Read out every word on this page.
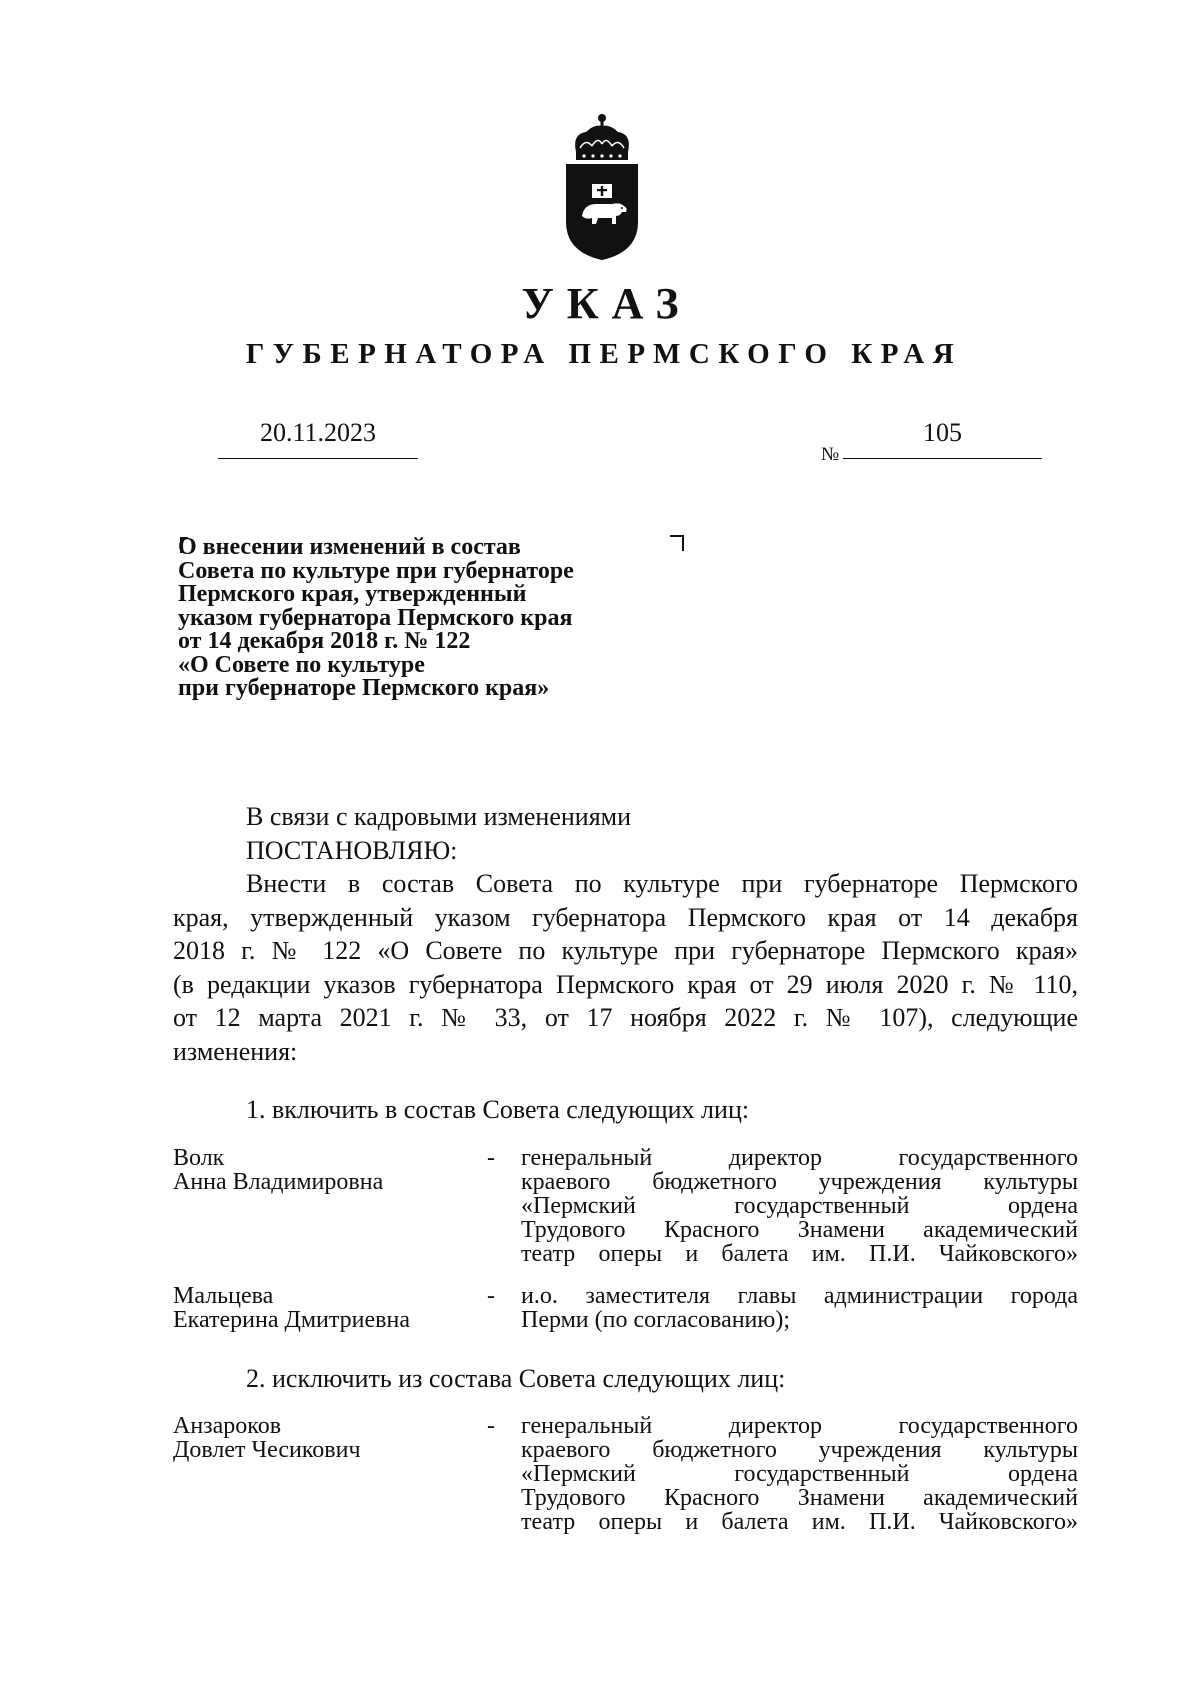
УКАЗ
ГУБЕРНАТОРА ПЕРМСКОГО КРАЯ
20.11.2023
№
105
О внесении изменений в состав
Совета по культуре при губернаторе
Пермского края, утвержденный
указом губернатора Пермского края
от 14 декабря 2018 г. № 122
«О Совете по культуре
при губернаторе Пермского края»
В связи с кадровыми изменениями
ПОСТАНОВЛЯЮ:
Внести в состав Совета по культуре при губернаторе Пермского
края, утвержденный указом губернатора Пермского края от 14 декабря
2018 г. № 122 «О Совете по культуре при губернаторе Пермского края»
(в редакции указов губернатора Пермского края от 29 июля 2020 г. № 110,
от 12 марта 2021 г. № 33, от 17 ноября 2022 г. № 107), следующие
изменения:
1. включить в состав Совета следующих лиц:
Волк
Анна Владимировна
- генеральный директор государственного
краевого бюджетного учреждения культуры
«Пермский государственный ордена
Трудового Красного Знамени академический
театр оперы и балета им. П.И. Чайковского»
Мальцева
Екатерина Дмитриевна
- и.о. заместителя главы администрации города
Перми (по согласованию);
2. исключить из состава Совета следующих лиц:
Анзароков
Довлет Чесикович
- генеральный директор государственного
краевого бюджетного учреждения культуры
«Пермский государственный ордена
Трудового Красного Знамени академический
театр оперы и балета им. П.И. Чайковского»
